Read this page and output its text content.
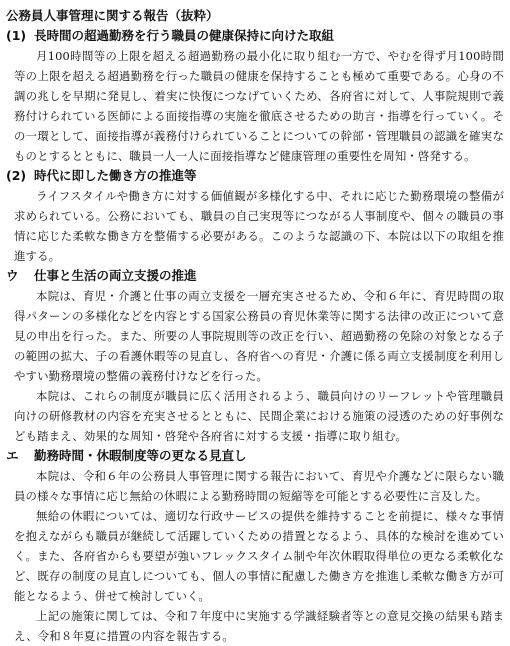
公務員人事管理に関する報告（抜粋）
(1) 長時間の超過勤務を行う職員の健康保持に向けた取組

月100時間等の上限を超える超過勤務の最小化に取り組む一方で、やむを得ず月100時間等の上限を超える超過勤務を行った職員の健康を保持することも極めて重要である。心身の不調の兆しを早期に発見し、着実に快復につなげていくため、各府省に対して、人事院規則で義務付けられている医師による面接指導の実施を徹底させるための助言・指導を行っていく。その一環として、面接指導が義務付けられていることについての幹部・管理職員の認識を確実なものとするとともに、職員一人一人に面接指導など健康管理の重要性を周知・啓発する。

(2) 時代に即した働き方の推進等

ライフスタイルや働き方に対する価値観が多様化する中、それに応じた勤務環境の整備が求められている。公務においても、職員の自己実現等につながる人事制度や、個々の職員の事情に応じた柔軟な働き方を整備する必要がある。このような認識の下、本院は以下の取組を推進する。

ウ 仕事と生活の両立支援の推進

本院は、育児・介護と仕事の両立支援を一層充実させるため、令和６年に、育児時間の取得パターンの多様化などを内容とする国家公務員の育児休業等に関する法律の改正について意見の申出を行った。また、所要の人事院規則等の改正を行い、超過勤務の免除の対象となる子の範囲の拡大、子の看護休暇等の見直し、各府省への育児・介護に係る両立支援制度を利用しやすい勤務環境の整備の義務付けなどを行った。

本院は、これらの制度が職員に広く活用されるよう、職員向けのリーフレットや管理職員向けの研修教材の内容を充実させるとともに、民間企業における施策の浸透のための好事例なども踏まえ、効果的な周知・啓発や各府省に対する支援・指導に取り組む。

エ 勤務時間・休暇制度等の更なる見直し

本院は、令和６年の公務員人事管理に関する報告において、育児や介護などに限らない職員の様々な事情に応じ無給の休暇による勤務時間の短縮等を可能とする必要性に言及した。

無給の休暇については、適切な行政サービスの提供を維持することを前提に、様々な事情を抱えながらも職員が継続して活躍していくための措置となるよう、具体的な検討を進めていく。また、各府省からも要望が強いフレックスタイム制や年次休暇取得単位の更なる柔軟化など、既存の制度の見直しについても、個人の事情に配慮した働き方を推進し柔軟な働き方が可能となるよう、併せて検討していく。

上記の施策に関しては、令和７年度中に実施する学識経験者等との意見交換の結果も踏まえ、令和８年夏に措置の内容を報告する。
